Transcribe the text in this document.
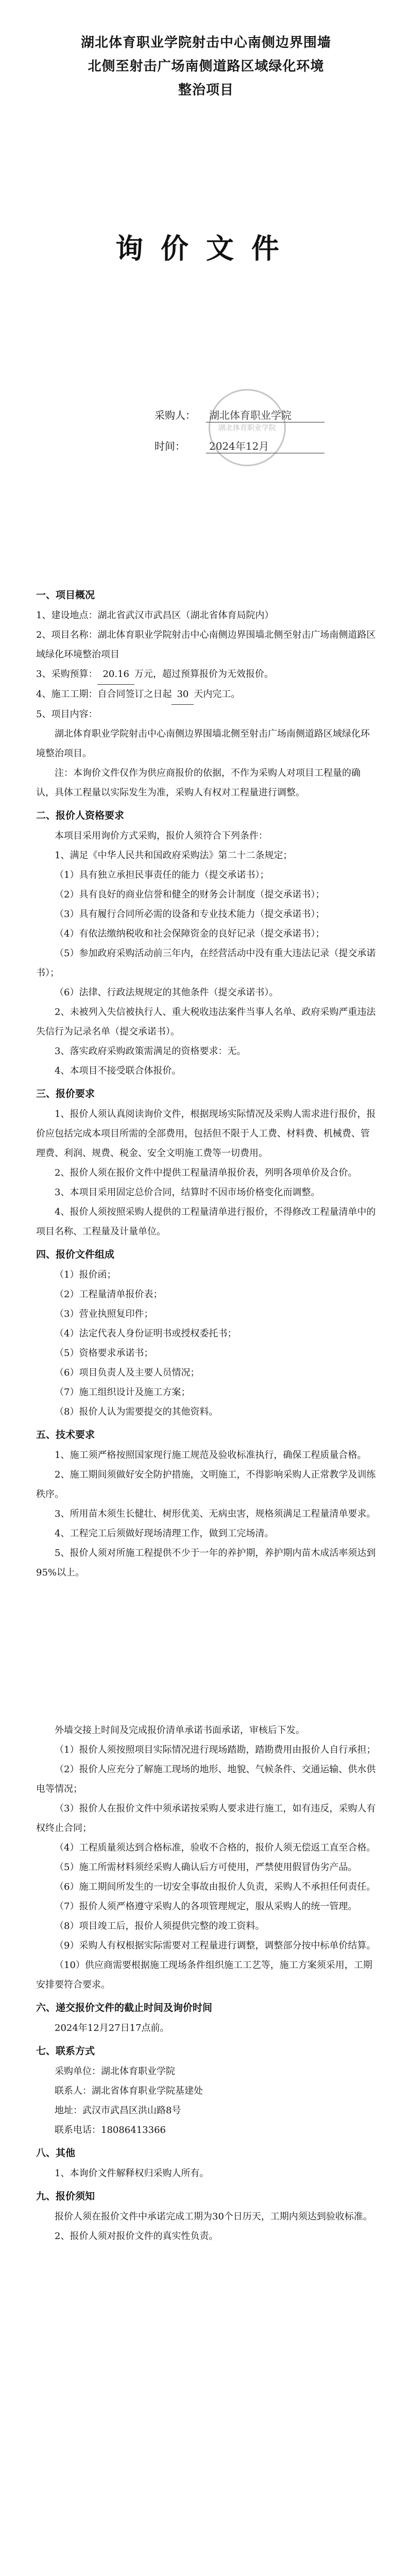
湖北体育职业学院射击中心南侧边界围墙
北侧至射击广场南侧道路区域绿化环境
整治项目
询价文件
采购人： 湖北体育职业学院
时间： 2024年12月
湖北体育职业学院
一、项目概况

1、建设地点：湖北省武汉市武昌区（湖北省体育局院内）

2、项目名称：湖北体育职业学院射击中心南侧边界围墙北侧至射击广场南侧道路区域绿化环境整治项目

3、采购预算： 20.16 万元，超过预算报价为无效报价。

4、施工工期：自合同签订之日起 30 天内完工。

5、项目内容：

湖北体育职业学院射击中心南侧边界围墙北侧至射击广场南侧道路区域绿化环境整治项目。

注：本询价文件仅作为供应商报价的依据，不作为采购人对项目工程量的确认，具体工程量以实际发生为准，采购人有权对工程量进行调整。

二、报价人资格要求

本项目采用询价方式采购，报价人须符合下列条件：

1、满足《中华人民共和国政府采购法》第二十二条规定；

（1）具有独立承担民事责任的能力（提交承诺书）；

（2）具有良好的商业信誉和健全的财务会计制度（提交承诺书）；

（3）具有履行合同所必需的设备和专业技术能力（提交承诺书）；

（4）有依法缴纳税收和社会保障资金的良好记录（提交承诺书）；

（5）参加政府采购活动前三年内，在经营活动中没有重大违法记录（提交承诺书）；

（6）法律、行政法规规定的其他条件（提交承诺书）。

2、未被列入失信被执行人、重大税收违法案件当事人名单、政府采购严重违法失信行为记录名单（提交承诺书）。

3、落实政府采购政策需满足的资格要求：无。

4、本项目不接受联合体报价。

三、报价要求

1、报价人须认真阅读询价文件，根据现场实际情况及采购人需求进行报价，报价应包括完成本项目所需的全部费用，包括但不限于人工费、材料费、机械费、管理费、利润、规费、税金、安全文明施工费等一切费用。

2、报价人须在报价文件中提供工程量清单报价表，列明各项单价及合价。

3、本项目采用固定总价合同，结算时不因市场价格变化而调整。

4、报价人须按照采购人提供的工程量清单进行报价，不得修改工程量清单中的项目名称、工程量及计量单位。

四、报价文件组成

（1）报价函；

（2）工程量清单报价表；

（3）营业执照复印件；

（4）法定代表人身份证明书或授权委托书；

（5）资格要求承诺书；

（6）项目负责人及主要人员情况；

（7）施工组织设计及施工方案；

（8）报价人认为需要提交的其他资料。

五、技术要求

1、施工须严格按照国家现行施工规范及验收标准执行，确保工程质量合格。

2、施工期间须做好安全防护措施，文明施工，不得影响采购人正常教学及训练秩序。

3、所用苗木须生长健壮、树形优美、无病虫害，规格须满足工程量清单要求。

4、工程完工后须做好现场清理工作，做到工完场清。

5、报价人须对所施工程提供不少于一年的养护期，养护期内苗木成活率须达到95%以上。

外墙交接上时间及完成报价清单承诺书面承诺，审核后下发。

（1）报价人须按照项目实际情况进行现场踏勘，踏勘费用由报价人自行承担；

（2）报价人应充分了解施工现场的地形、地貌、气候条件、交通运输、供水供电等情况；

（3）报价人在报价文件中须承诺按采购人要求进行施工，如有违反，采购人有权终止合同；

（4）工程质量须达到合格标准，验收不合格的，报价人须无偿返工直至合格。

（5）施工所需材料须经采购人确认后方可使用，严禁使用假冒伪劣产品。

（6）施工期间所发生的一切安全事故由报价人负责，采购人不承担任何责任。

（7）报价人须严格遵守采购人的各项管理规定，服从采购人的统一管理。

（8）项目竣工后，报价人须提供完整的竣工资料。

（9）采购人有权根据实际需要对工程量进行调整，调整部分按中标单价结算。

（10）供应商需要根据施工现场条件组织施工工艺等，施工方案须采用，工期安排要符合要求。

六、递交报价文件的截止时间及询价时间

2024年12月27日17点前。

七、联系方式

采购单位：湖北体育职业学院

联系人：湖北省体育职业学院基建处

地址：武汉市武昌区洪山路8号

联系电话：18086413366

八、其他

1、本询价文件解释权归采购人所有。

九、报价须知

报价人须在报价文件中承诺完成工期为30个日历天，工期内须达到验收标准。

2、报价人须对报价文件的真实性负责。
